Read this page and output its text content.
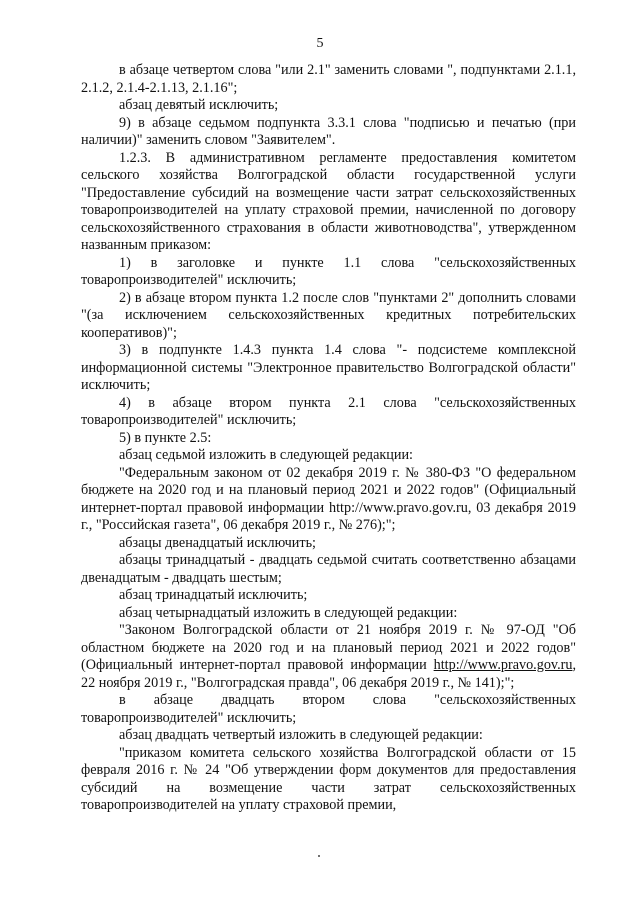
5

в абзаце четвертом слова "или 2.1" заменить словами ", подпунктами 2.1.1, 2.1.2, 2.1.4-2.1.13, 2.1.16";

абзац девятый исключить;

9) в абзаце седьмом подпункта 3.3.1 слова "подписью и печатью (при наличии)" заменить словом "Заявителем".

1.2.3. В административном регламенте предоставления комитетом сельского хозяйства Волгоградской области государственной услуги "Предоставление субсидий на возмещение части затрат сельскохозяйственных товаропроизводителей на уплату страховой премии, начисленной по договору сельскохозяйственного страхования в области животноводства", утвержденном названным приказом:

1) в заголовке и пункте 1.1 слова "сельскохозяйственных товаропроизводителей" исключить;

2) в абзаце втором пункта 1.2 после слов "пунктами 2" дополнить словами "(за исключением сельскохозяйственных кредитных потребительских кооперативов)";

3) в подпункте 1.4.3 пункта 1.4 слова "- подсистеме комплексной информационной системы "Электронное правительство Волгоградской области" исключить;

4) в абзаце втором пункта 2.1 слова "сельскохозяйственных товаропроизводителей" исключить;

5) в пункте 2.5:

абзац седьмой изложить в следующей редакции:

"Федеральным законом от 02 декабря 2019 г. № 380-ФЗ "О федеральном бюджете на 2020 год и на плановый период 2021 и 2022 годов" (Официальный интернет-портал правовой информации http://www.pravo.gov.ru, 03 декабря 2019 г., "Российская газета", 06 декабря 2019 г., № 276);";

абзацы двенадцатый исключить;

абзацы тринадцатый - двадцать седьмой считать соответственно абзацами двенадцатым - двадцать шестым;

абзац тринадцатый исключить;

абзац четырнадцатый изложить в следующей редакции:

"Законом Волгоградской области от 21 ноября 2019 г. № 97-ОД "Об областном бюджете на 2020 год и на плановый период 2021 и 2022 годов" (Официальный интернет-портал правовой информации http://www.pravo.gov.ru, 22 ноября 2019 г., "Волгоградская правда", 06 декабря 2019 г., № 141);";

в абзаце двадцать втором слова "сельскохозяйственных товаропроизводителей" исключить;

абзац двадцать четвертый изложить в следующей редакции:

"приказом комитета сельского хозяйства Волгоградской области от 15 февраля 2016 г. № 24 "Об утверждении форм документов для предоставления субсидий на возмещение части затрат сельскохозяйственных товаропроизводителей на уплату страховой премии,
